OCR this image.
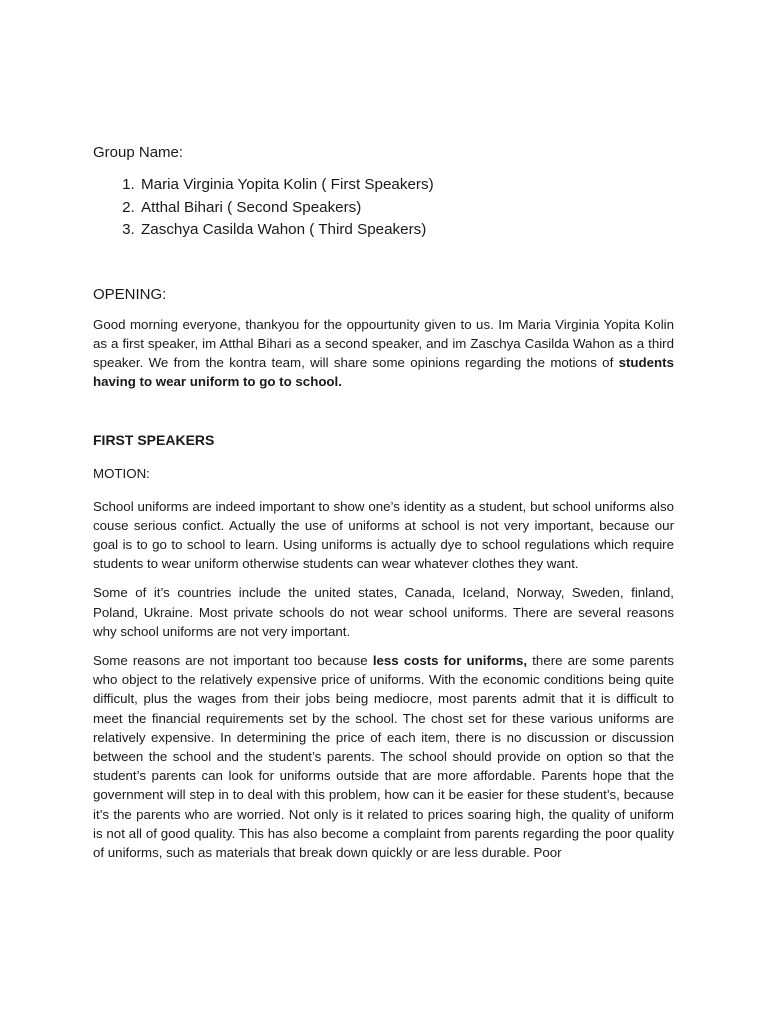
Group Name:

1. Maria Virginia Yopita Kolin ( First Speakers)
2. Atthal Bihari ( Second Speakers)
3. Zaschya Casilda Wahon ( Third Speakers)

OPENING:

Good morning everyone, thankyou for the oppourtunity given to us. Im Maria Virginia Yopita Kolin as a first speaker, im Atthal Bihari as a second speaker, and im Zaschya Casilda Wahon as a third speaker. We from the kontra team, will share some opinions regarding the motions of students having to wear uniform to go to school.

FIRST SPEAKERS

MOTION:

School uniforms are indeed important to show one’s identity as a student, but school uniforms also couse serious confict. Actually the use of uniforms at school is not very important, because our goal is to go to school to learn. Using uniforms is actually dye to school regulations which require students to wear uniform otherwise students can wear whatever clothes they want.

Some of it’s countries include the united states, Canada, Iceland, Norway, Sweden, finland, Poland, Ukraine. Most private schools do not wear school uniforms. There are several reasons why school uniforms are not very important.

Some reasons are not important too because less costs for uniforms, there are some parents who object to the relatively expensive price of uniforms. With the economic conditions being quite difficult, plus the wages from their jobs being mediocre, most parents admit that it is difficult to meet the financial requirements set by the school. The chost set for these various uniforms are relatively expensive. In determining the price of each item, there is no discussion or discussion between the school and the student’s parents. The school should provide on option so that the student’s parents can look for uniforms outside that are more affordable. Parents hope that the government will step in to deal with this problem, how can it be easier for these student’s, because it’s the parents who are worried. Not only is it related to prices soaring high, the quality of uniform is not all of good quality. This has also become a complaint from parents regarding the poor quality of uniforms, such as materials that break down quickly or are less durable. Poor
